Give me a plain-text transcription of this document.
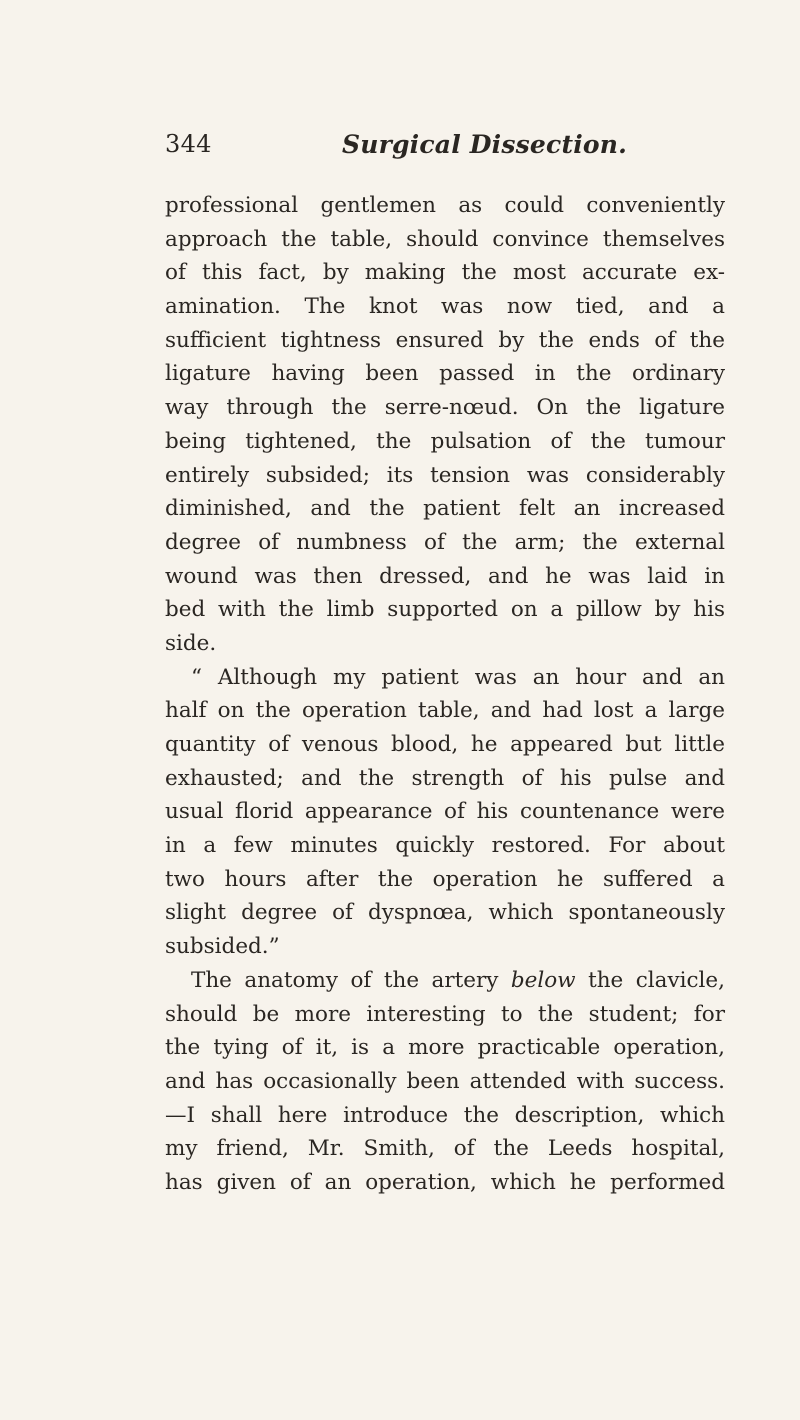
344	Surgical Dissection.
professional gentlemen as could conveniently
approach the table, should convince themselves
of this fact, by making the most accurate ex-
amination. The knot was now tied, and a
sufficient tightness ensured by the ends of the
ligature having been passed in the ordinary
way through the serre-nœud. On the ligature
being tightened, the pulsation of the tumour
entirely subsided; its tension was considerably
diminished, and the patient felt an increased
degree of numbness of the arm; the external
wound was then dressed, and he was laid in
bed with the limb supported on a pillow by his
side.
“ Although my patient was an hour and an
half on the operation table, and had lost a large
quantity of venous blood, he appeared but little
exhausted; and the strength of his pulse and
usual florid appearance of his countenance were
in a few minutes quickly restored. For about
two hours after the operation he suffered a
slight degree of dyspnœa, which spontaneously
subsided.”
The anatomy of the artery below the clavicle,
should be more interesting to the student; for
the tying of it, is a more practicable operation,
and has occasionally been attended with success.
—I shall here introduce the description, which
my friend, Mr. Smith, of the Leeds hospital,
has given of an operation, which he performed
